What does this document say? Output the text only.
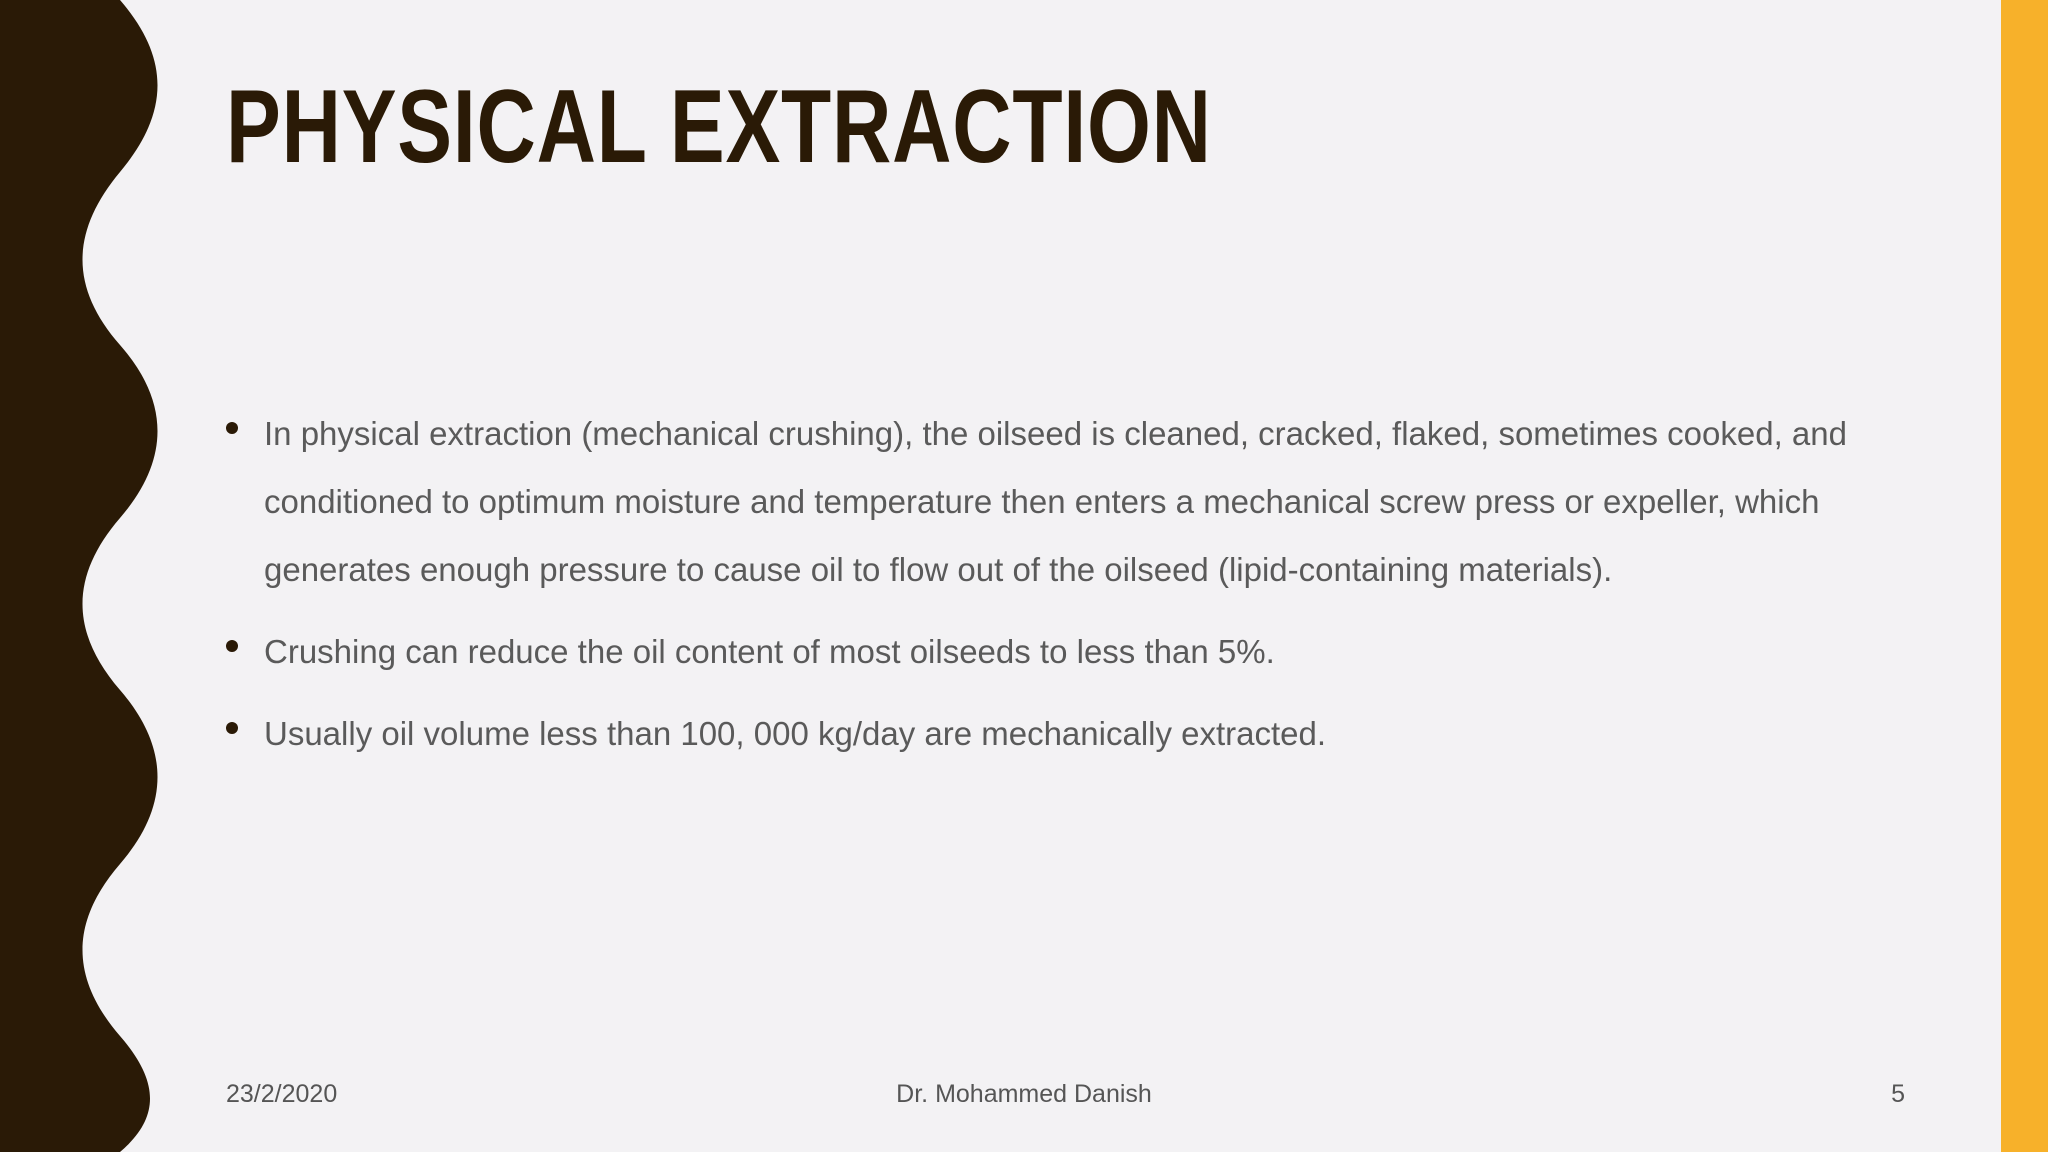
PHYSICAL EXTRACTION
In physical extraction (mechanical crushing), the oilseed is cleaned, cracked, flaked, sometimes cooked, and conditioned to optimum moisture and temperature then enters a mechanical screw press or expeller, which generates enough pressure to cause oil to flow out of the oilseed (lipid-containing materials).
Crushing can reduce the oil content of most oilseeds to less than 5%.
Usually oil volume less than 100, 000 kg/day are mechanically extracted.
23/2/2020	Dr. Mohammed Danish	5
